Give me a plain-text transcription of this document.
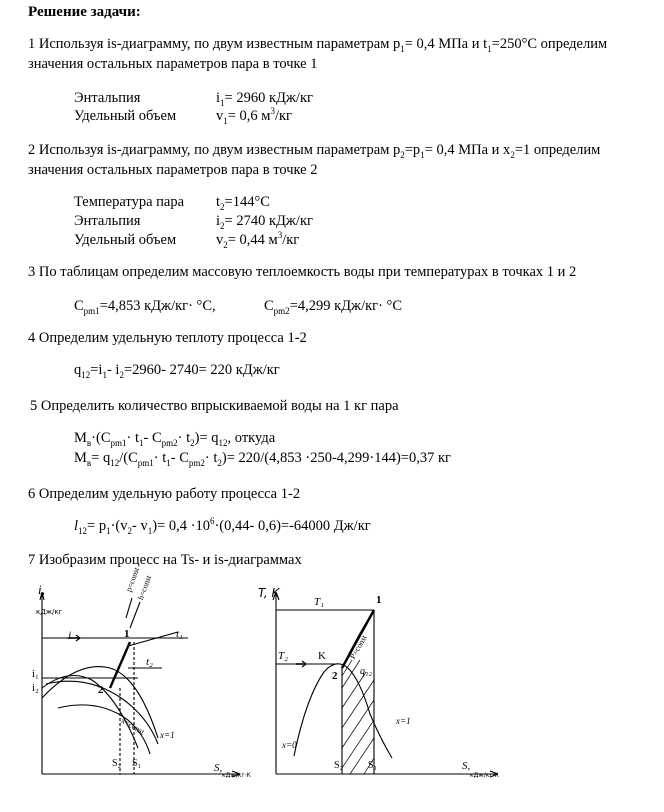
Решение задачи:
1 Используя is-диаграмму, по двум известным параметрам $p_1= 0,4$ МПа и $t_1=250^\circ С$ определим
значения остальных параметров пара в точке 1
Энтальпия	$i_1= 2960$ кДж/кг
Удельный объем	$v_1= 0,6$ $м^3/кг$
2 Используя is-диаграмму, по двум известным параметрам $p_2=p_1= 0,4$ МПа и $x_2=1$ определим
значения остальных параметров пара в точке 2
Температура пара $t_2=144^\circ С$
Энтальпия	$i_2= 2740$ кДж/кг
Удельный объем	$v_2= 0,44$ $м^3/кг$
3 По таблицам определим массовую теплоемкость воды при температурах в точках 1 и 2
$C_{pm1}=4,853$ кДж/кг· °С,	$C_{pm2}=4,299$ кДж/кг· °С
4 Определим удельную теплоту процесса 1-2
$q_{12}=i_1-$ $i_2=2960-$ 2740= 220 кДж/кг
5 Определить количество впрыскиваемой воды на 1 кг пара
$M_в\cdot(C_{pm1}\cdot t_1-$ $C_{pm2}\cdot t_2)= q_{12}$, откуда
$M_в= q_{12}/(C_{pm1}\cdot t_1-$ $C_{pm2}\cdot t_2)= 220/(4,853 \cdot 250-4,299\cdot 144)=0,37$ кг
6 Определим удельную работу процесса 1-2
$l_{12}= p_1\cdot(v_2-$ $v_1)= 0,4 \cdot 10^6\cdot(0,44-$ 0,6)=-64000 Дж/кг
7 Изобразим процесс на Ts- и is-диаграммах
i,
кДж/кг
i
i₁
i₂
1
2
t₁
t₂
p=const
h=const
x=const x=1
S₂ S₁	S,
кДж/кг·К
T, K
T₁
T₂	K
1
2
P=const
q₁₂
x=0
x=1
S₂ S₁	S,
кДж/кг·К
